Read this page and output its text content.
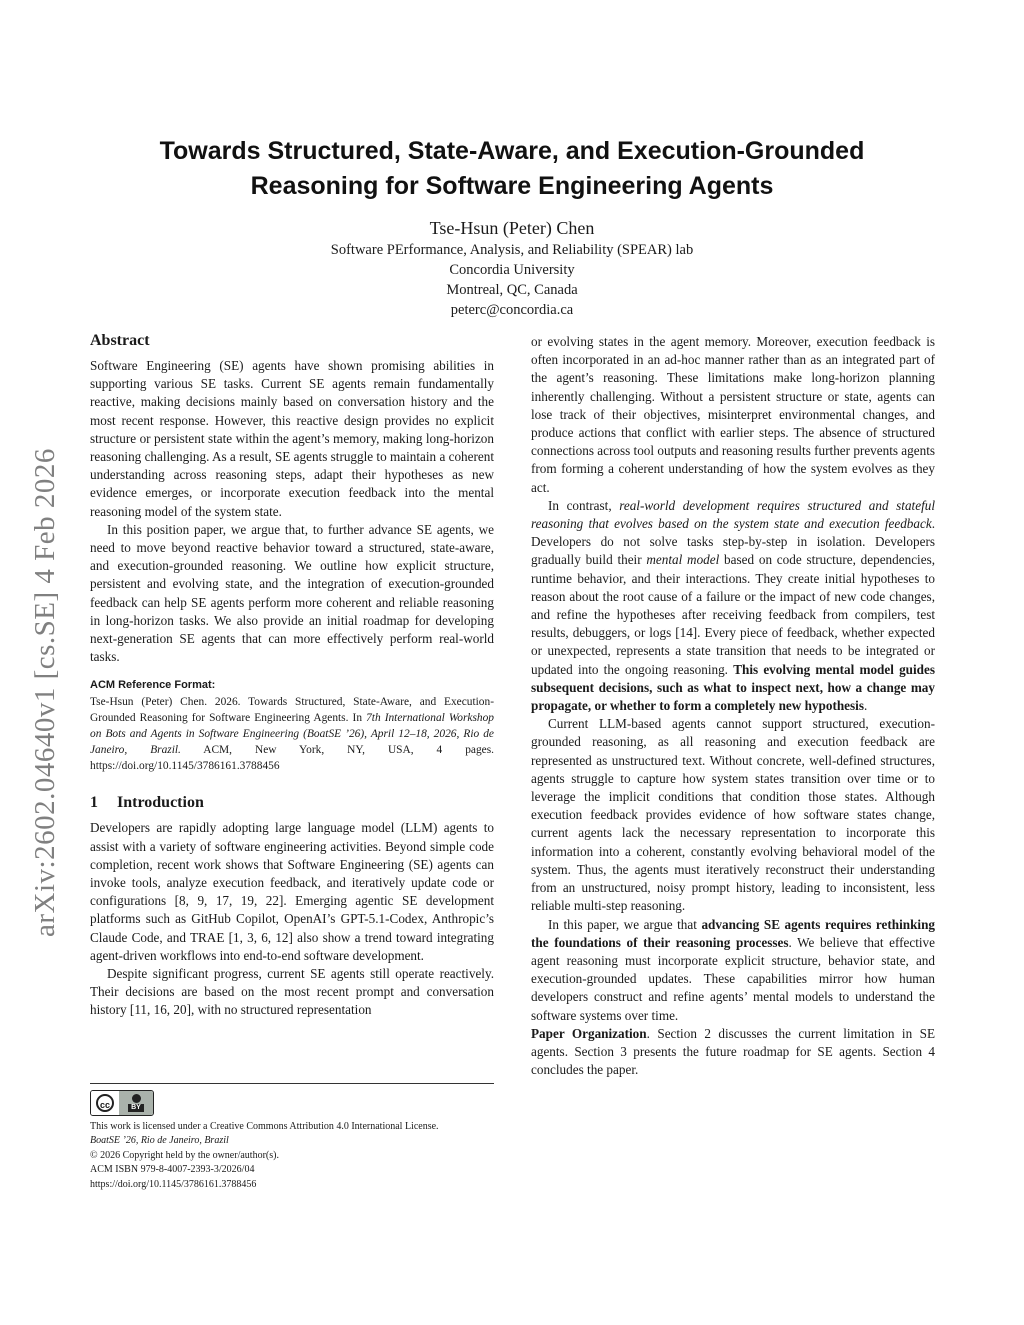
arXiv:2602.04640v1 [cs.SE] 4 Feb 2026
Towards Structured, State-Aware, and Execution-Grounded
Reasoning for Software Engineering Agents
Tse-Hsun (Peter) Chen
Software PErformance, Analysis, and Reliability (SPEAR) lab
Concordia University
Montreal, QC, Canada
peterc@concordia.ca
Abstract

Software Engineering (SE) agents have shown promising abilities in supporting various SE tasks. Current SE agents remain fundamentally reactive, making decisions mainly based on conversation history and the most recent response. However, this reactive design provides no explicit structure or persistent state within the agent’s memory, making long-horizon reasoning challenging. As a result, SE agents struggle to maintain a coherent understanding across reasoning steps, adapt their hypotheses as new evidence emerges, or incorporate execution feedback into the mental reasoning model of the system state.

In this position paper, we argue that, to further advance SE agents, we need to move beyond reactive behavior toward a structured, state-aware, and execution-grounded reasoning. We outline how explicit structure, persistent and evolving state, and the integration of execution-grounded feedback can help SE agents perform more coherent and reliable reasoning in long-horizon tasks. We also provide an initial roadmap for developing next-generation SE agents that can more effectively perform real-world tasks.

ACM Reference Format:

Tse-Hsun (Peter) Chen. 2026. Towards Structured, State-Aware, and Execution-Grounded Reasoning for Software Engineering Agents. In 7th International Workshop on Bots and Agents in Software Engineering (BoatSE ’26), April 12–18, 2026, Rio de Janeiro, Brazil. ACM, New York, NY, USA, 4 pages. https://doi.org/10.1145/3786161.3788456

1 Introduction

Developers are rapidly adopting large language model (LLM) agents to assist with a variety of software engineering activities. Beyond simple code completion, recent work shows that Software Engineering (SE) agents can invoke tools, analyze execution feedback, and iteratively update code or configurations [8, 9, 17, 19, 22]. Emerging agentic SE development platforms such as GitHub Copilot, OpenAI’s GPT-5.1-Codex, Anthropic’s Claude Code, and TRAE [1, 3, 6, 12] also show a trend toward integrating agent-driven workflows into end-to-end software development.

Despite significant progress, current SE agents still operate reactively. Their decisions are based on the most recent prompt and conversation history [11, 16, 20], with no structured representation

cc	BY

This work is licensed under a Creative Commons Attribution 4.0 International License.

BoatSE ’26, Rio de Janeiro, Brazil

© 2026 Copyright held by the owner/author(s).

ACM ISBN 979-8-4007-2393-3/2026/04

https://doi.org/10.1145/3786161.3788456

or evolving states in the agent memory. Moreover, execution feedback is often incorporated in an ad-hoc manner rather than as an integrated part of the agent’s reasoning. These limitations make long-horizon planning inherently challenging. Without a persistent structure or state, agents can lose track of their objectives, misinterpret environmental changes, and produce actions that conflict with earlier steps. The absence of structured connections across tool outputs and reasoning results further prevents agents from forming a coherent understanding of how the system evolves as they act.

In contrast, real-world development requires structured and stateful reasoning that evolves based on the system state and execution feedback. Developers do not solve tasks step-by-step in isolation. Developers gradually build their mental model based on code structure, dependencies, runtime behavior, and their interactions. They create initial hypotheses to reason about the root cause of a failure or the impact of new code changes, and refine the hypotheses after receiving feedback from compilers, test results, debuggers, or logs [14]. Every piece of feedback, whether expected or unexpected, represents a state transition that needs to be integrated or updated into the ongoing reasoning. This evolving mental model guides subsequent decisions, such as what to inspect next, how a change may propagate, or whether to form a completely new hypothesis.

Current LLM-based agents cannot support structured, execution-grounded reasoning, as all reasoning and execution feedback are represented as unstructured text. Without concrete, well-defined structures, agents struggle to capture how system states transition over time or to leverage the implicit conditions that condition those states. Although execution feedback provides evidence of how software states change, current agents lack the necessary representation to incorporate this information into a coherent, constantly evolving behavioral model of the system. Thus, the agents must iteratively reconstruct their understanding from an unstructured, noisy prompt history, leading to inconsistent, less reliable multi-step reasoning.

In this paper, we argue that advancing SE agents requires rethinking the foundations of their reasoning processes. We believe that effective agent reasoning must incorporate explicit structure, behavior state, and execution-grounded updates. These capabilities mirror how human developers construct and refine agents’ mental models to understand the software systems over time.

Paper Organization. Section 2 discusses the current limitation in SE agents. Section 3 presents the future roadmap for SE agents. Section 4 concludes the paper.
